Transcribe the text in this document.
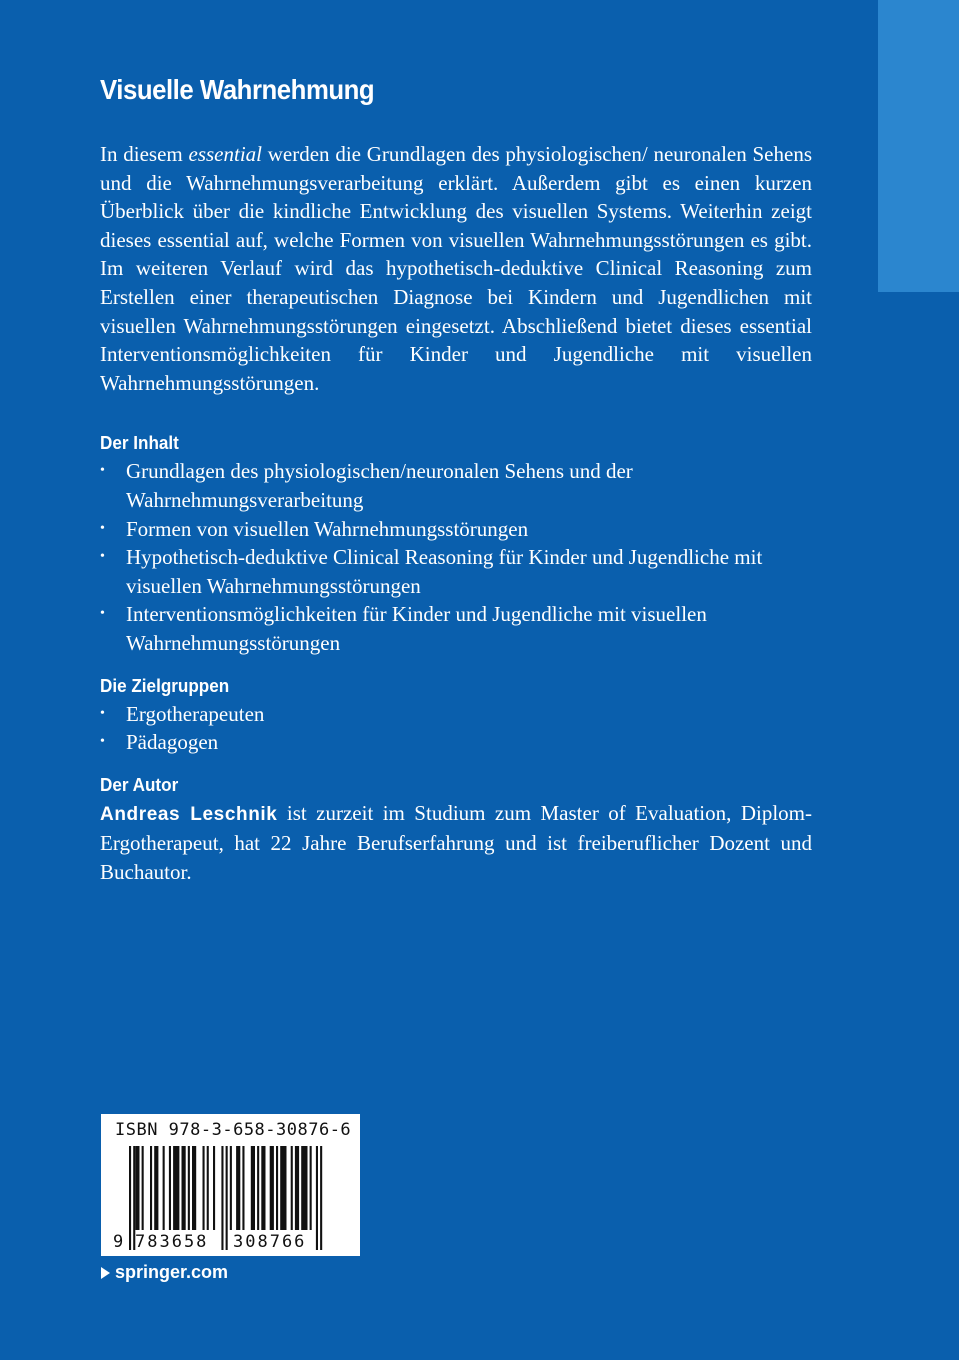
Visuelle Wahrnehmung

In diesem essential werden die Grundlagen des physiologischen/ neuronalen Sehens und die Wahrnehmungsverarbeitung erklärt. Außerdem gibt es einen kurzen Überblick über die kindliche Entwicklung des visuellen Systems. Weiterhin zeigt dieses essential auf, welche Formen von visuellen Wahrnehmungsstörungen es gibt. Im weiteren Verlauf wird das hypothetisch-deduktive Clinical Reasoning zum Erstellen einer therapeutischen Diagnose bei Kindern und Jugendlichen mit visuellen Wahrnehmungsstörungen eingesetzt. Abschließend bietet dieses essential Interventionsmöglichkeiten für Kinder und Jugendliche mit visuellen Wahrnehmungsstörungen.

Der Inhalt
• Grundlagen des physiologischen/neuronalen Sehens und der Wahrnehmungsverarbeitung
• Formen von visuellen Wahrnehmungsstörungen
• Hypothetisch-deduktive Clinical Reasoning für Kinder und Jugendliche mit visuellen Wahrnehmungsstörungen
• Interventionsmöglichkeiten für Kinder und Jugendliche mit visuellen Wahrnehmungsstörungen
Die Zielgruppen
• Ergotherapeuten
• Pädagogen
Der Autor

Andreas Leschnik ist zurzeit im Studium zum Master of Evaluation, Diplom-Ergotherapeut, hat 22 Jahre Berufserfahrung und ist freiberuflicher Dozent und Buchautor.

ISBN 978-3-658-30876-6
9 783658 308766
springer.com
